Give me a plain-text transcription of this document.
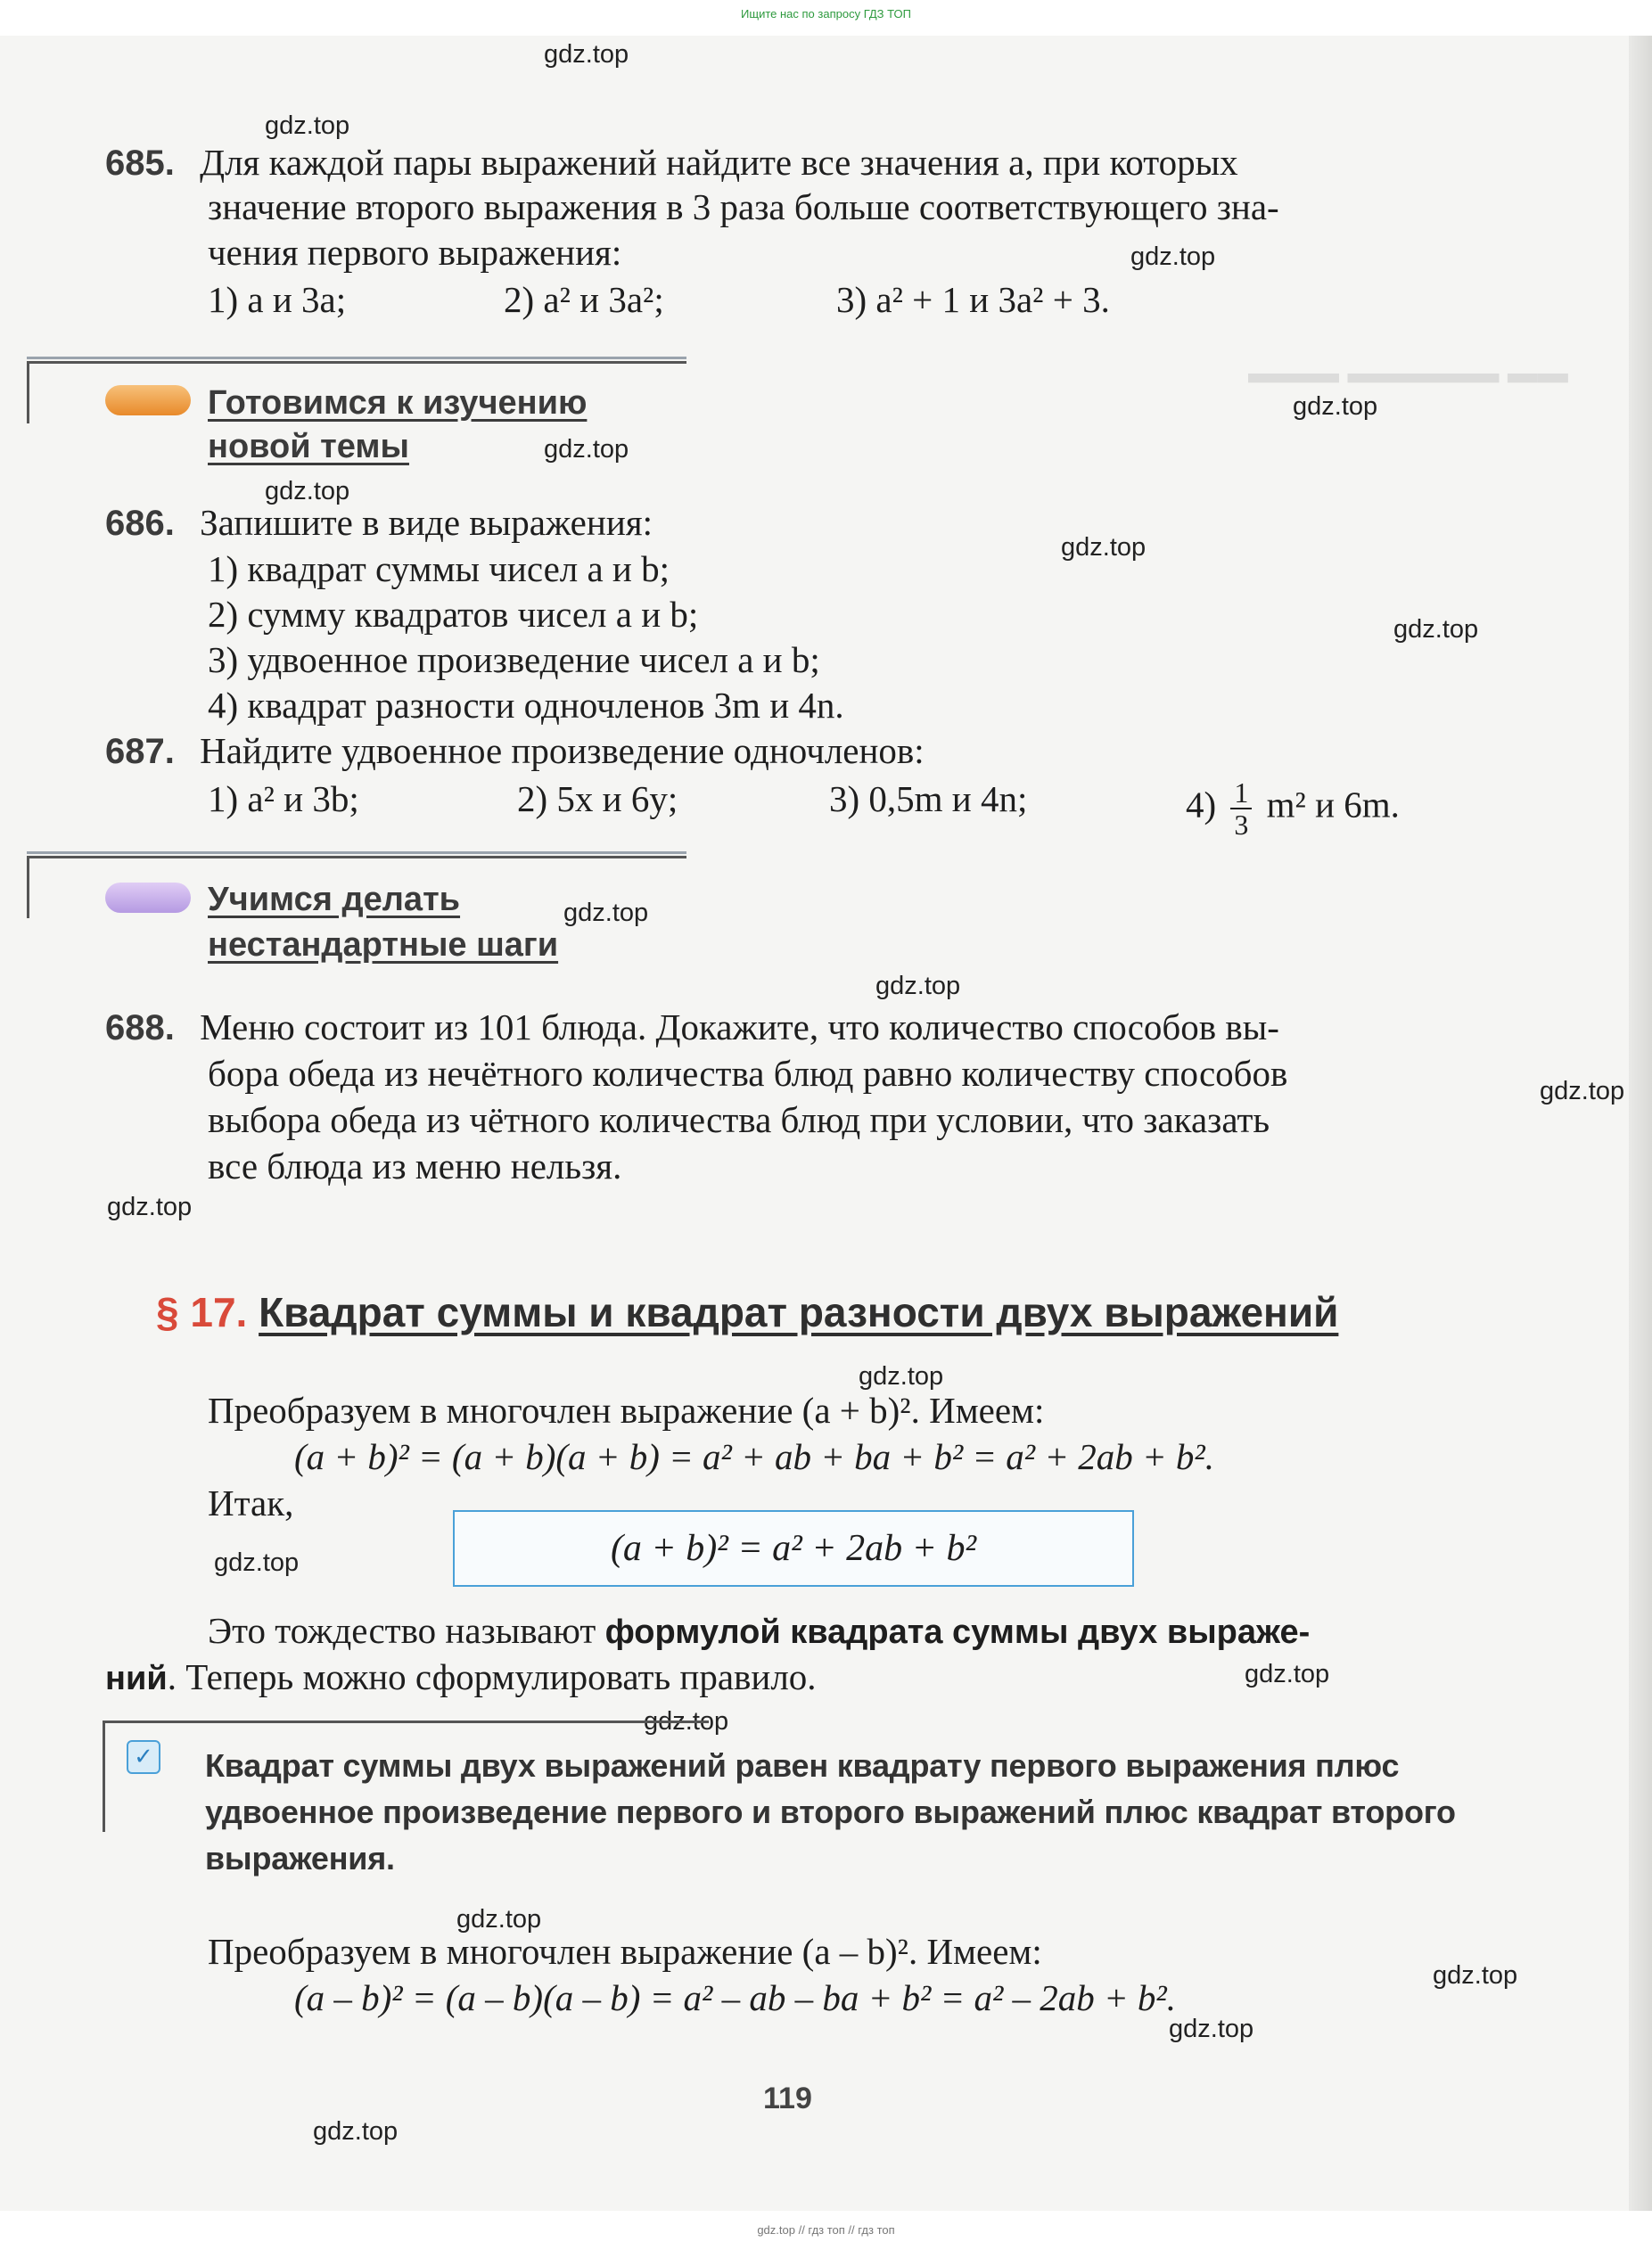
Ищите нас по запросу ГДЗ ТОП
▬▬▬ ▬▬▬▬▬ ▬▬
gdz.top
gdz.top
gdz.top
gdz.top
gdz.top
gdz.top
gdz.top
gdz.top
gdz.top
gdz.top
gdz.top
gdz.top
gdz.top
gdz.top
gdz.top
gdz.top
gdz.top
gdz.top
gdz.top
gdz.top
685. Для каждой пары выражений найдите все значения a, при которых
значение второго выражения в 3 раза больше соответствующего зна-
чения первого выражения:
1) a и 3a;	2) a² и 3a²;	3) a² + 1 и 3a² + 3.
Готовимся к изучению
новой темы
686. Запишите в виде выражения:
1) квадрат суммы чисел a и b;
2) сумму квадратов чисел a и b;
3) удвоенное произведение чисел a и b;
4) квадрат разности одночленов 3m и 4n.
687. Найдите удвоенное произведение одночленов:
1) a² и 3b;	2) 5x и 6y;	3) 0,5m и 4n;	$4) \frac{1}{3} m^2$ и 6m.
Учимся делать
нестандартные шаги
688. Меню состоит из 101 блюда. Докажите, что количество способов вы-
бора обеда из нечётного количества блюд равно количеству способов
выбора обеда из чётного количества блюд при условии, что заказать
все блюда из меню нельзя.
§ 17. Квадрат суммы и квадрат разности двух выражений
Преобразуем в многочлен выражение (a + b)². Имеем:
(a + b)² = (a + b)(a + b) = a² + ab + ba + b² = a² + 2ab + b².
Итак,
(a + b)² = a² + 2ab + b²
Это тождество называют формулой квадрата суммы двух выраже-
ний. Теперь можно сформулировать правило.
✓ Квадрат суммы двух выражений равен квадрату первого выражения плюс удвоенное произведение первого и второго выражений плюс квадрат второго выражения.
Преобразуем в многочлен выражение (a – b)². Имеем:
(a – b)² = (a – b)(a – b) = a² – ab – ba + b² = a² – 2ab + b².
119
gdz.top // гдз топ // гдз топ
